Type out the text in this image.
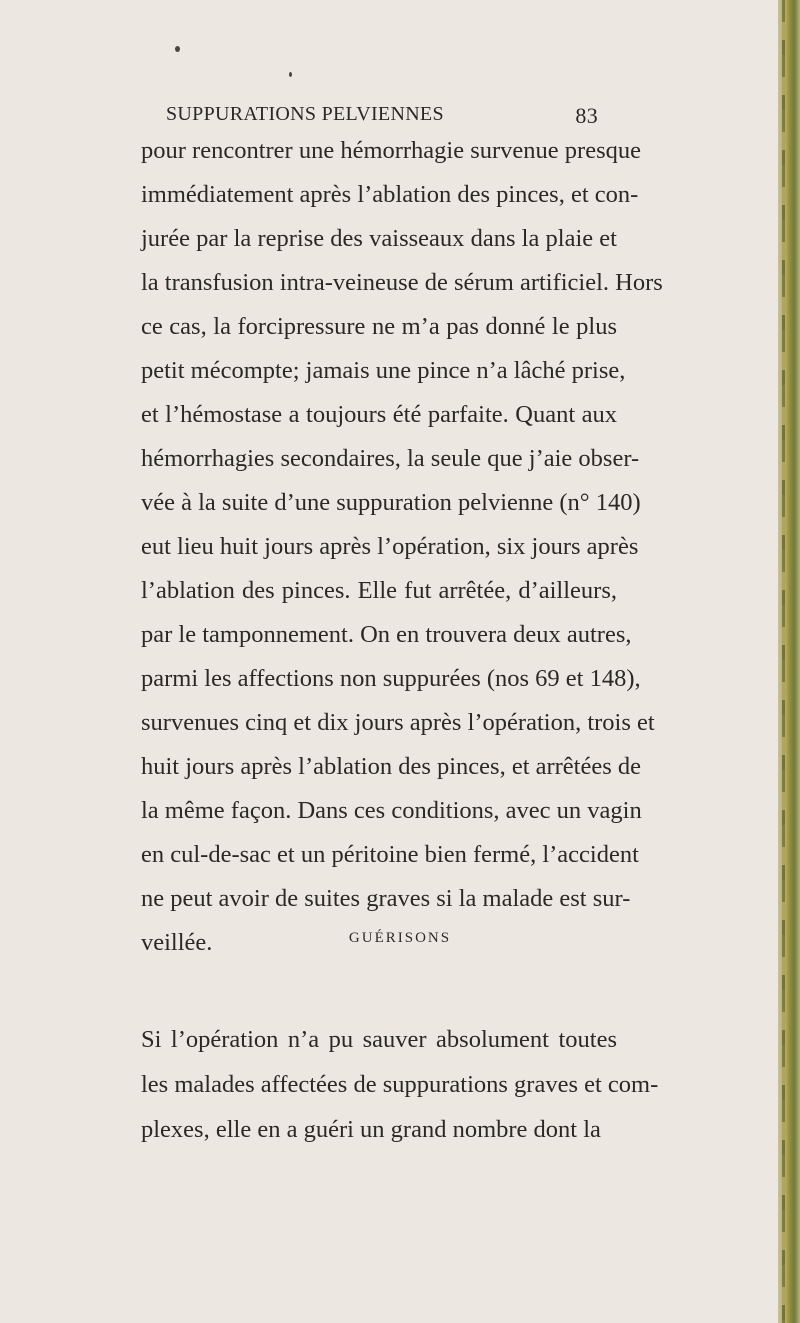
SUPPURATIONS PELVIENNES	83
pour rencontrer une hémorrhagie survenue presque
immédiatement après l’ablation des pinces, et con-
jurée par la reprise des vaisseaux dans la plaie et
la transfusion intra-veineuse de sérum artificiel. Hors
ce cas, la forcipressure ne m’a pas donné le plus
petit mécompte; jamais une pince n’a lâché prise,
et l’hémostase a toujours été parfaite. Quant aux
hémorrhagies secondaires, la seule que j’aie obser-
vée à la suite d’une suppuration pelvienne (n° 140)
eut lieu huit jours après l’opération, six jours après
l’ablation des pinces. Elle fut arrêtée, d’ailleurs,
par le tamponnement. On en trouvera deux autres,
parmi les affections non suppurées (nos 69 et 148),
survenues cinq et dix jours après l’opération, trois et
huit jours après l’ablation des pinces, et arrêtées de
la même façon. Dans ces conditions, avec un vagin
en cul-de-sac et un péritoine bien fermé, l’accident
ne peut avoir de suites graves si la malade est sur-
veillée.	GUÉRISONS
Si l’opération n’a pu sauver absolument toutes
les malades affectées de suppurations graves et com-
plexes, elle en a guéri un grand nombre dont la
